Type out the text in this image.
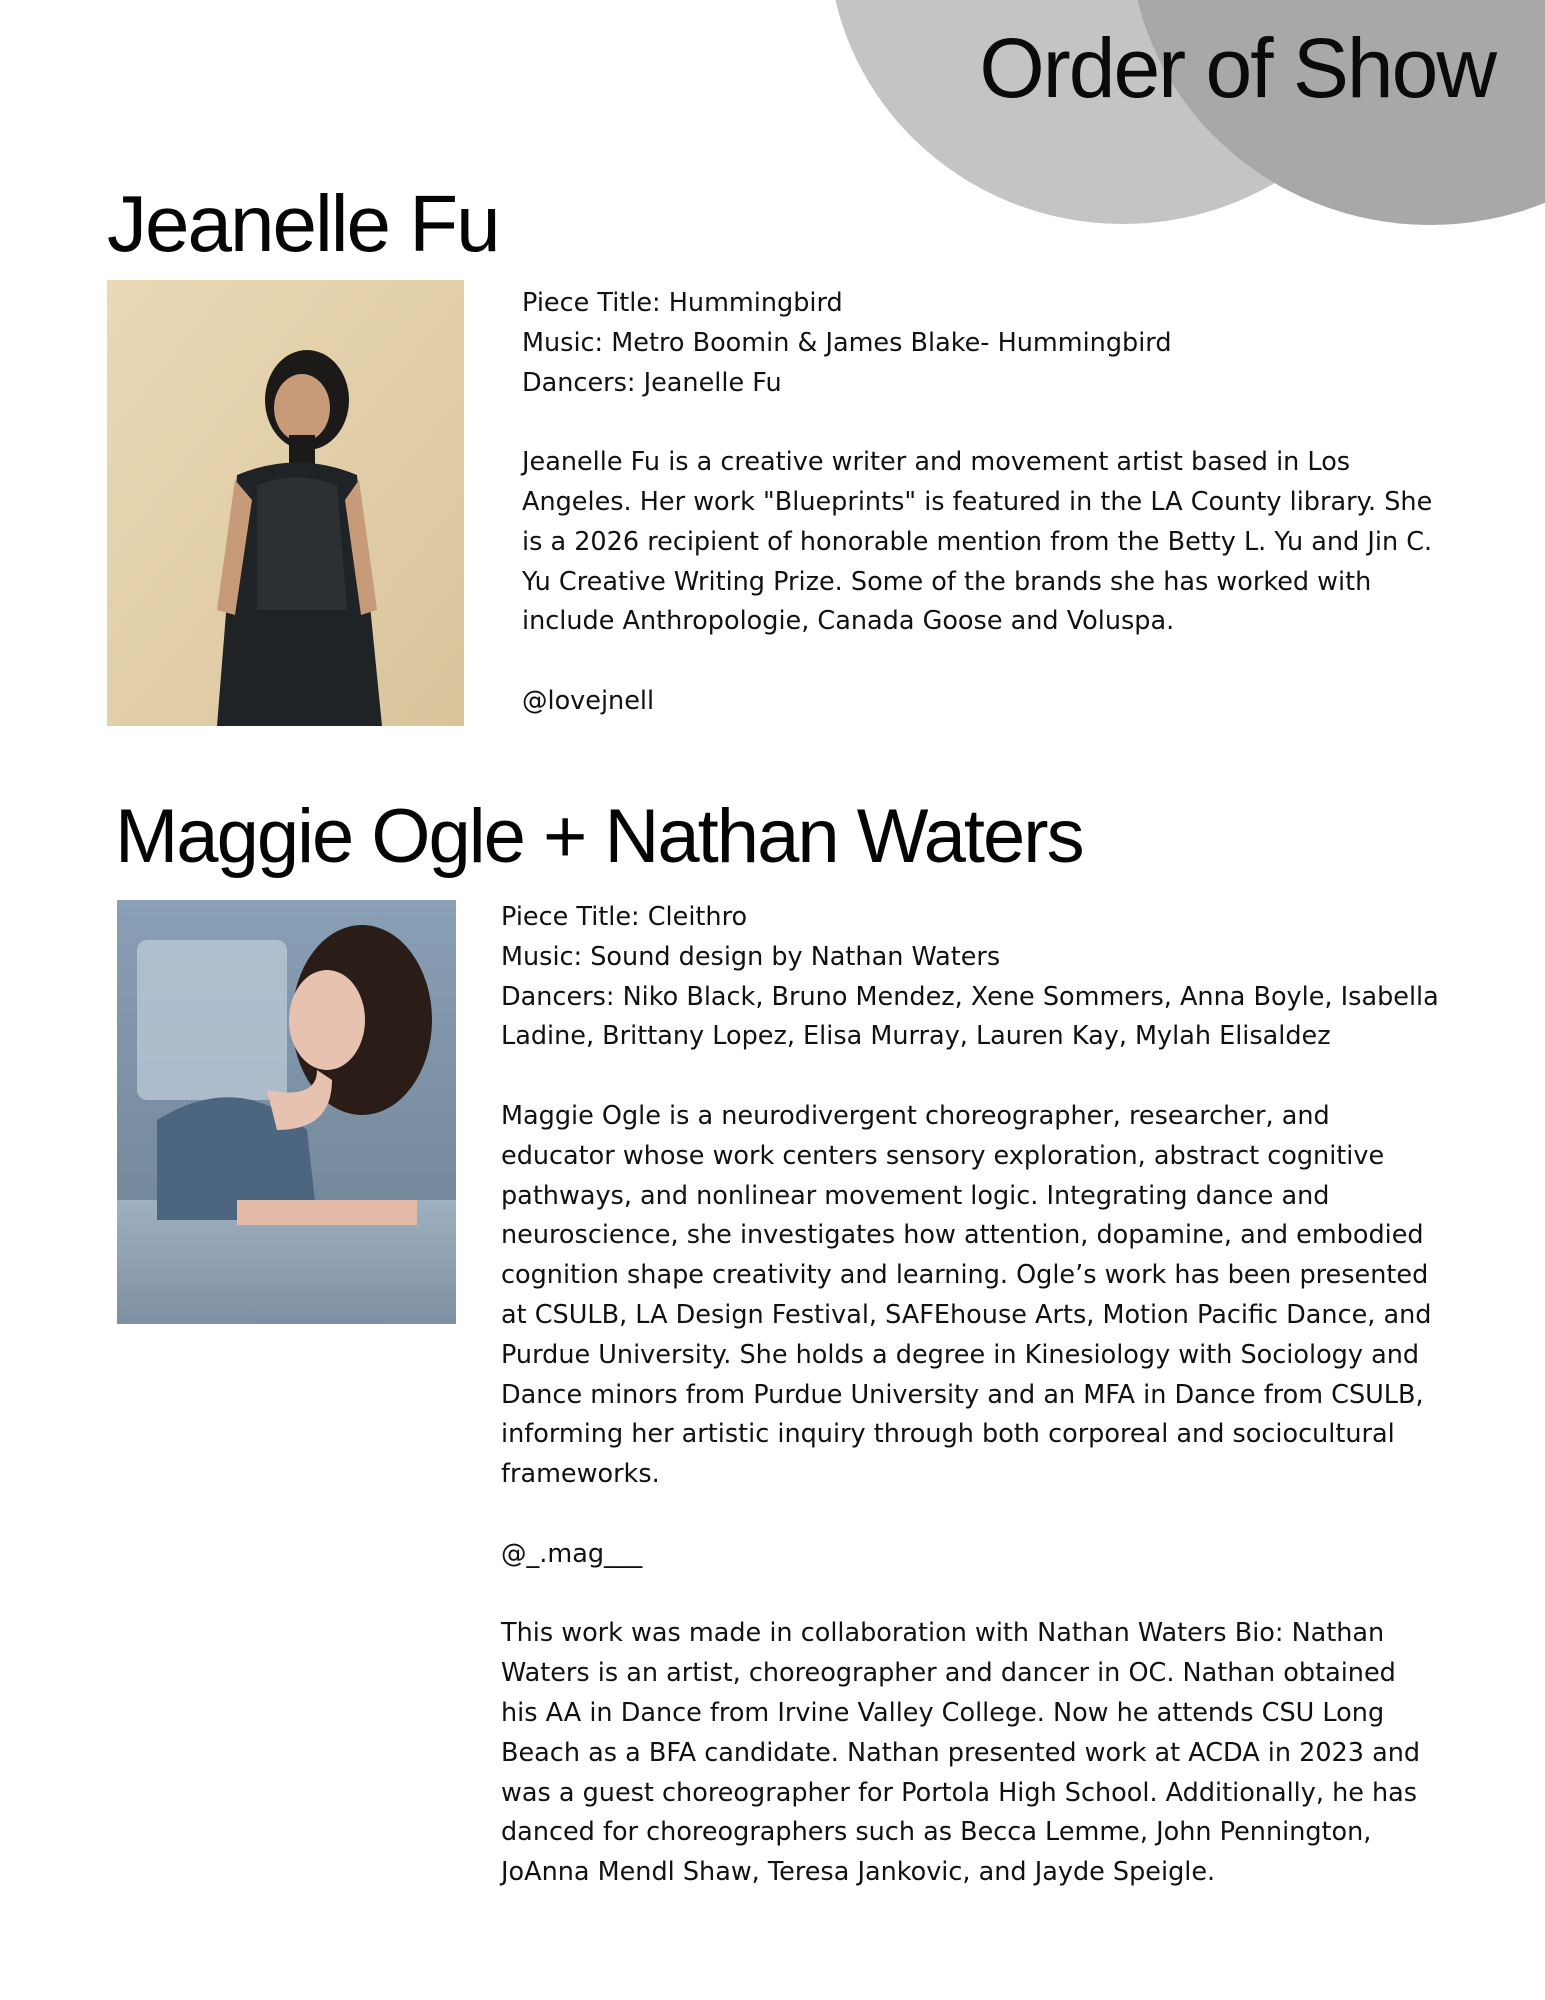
Order of Show
Jeanelle Fu

Piece Title: Hummingbird

Music: Metro Boomin & James Blake- Hummingbird

Dancers: Jeanelle Fu

Jeanelle Fu is a creative writer and movement artist based in Los

Angeles. Her work "Blueprints" is featured in the LA County library. She

is a 2026 recipient of honorable mention from the Betty L. Yu and Jin C.

Yu Creative Writing Prize. Some of the brands she has worked with

include Anthropologie, Canada Goose and Voluspa.

@lovejnell

Maggie Ogle + Nathan Waters

Piece Title: Cleithro

Music: Sound design by Nathan Waters

Dancers: Niko Black, Bruno Mendez, Xene Sommers, Anna Boyle, Isabella

Ladine, Brittany Lopez, Elisa Murray, Lauren Kay, Mylah Elisaldez

Maggie Ogle is a neurodivergent choreographer, researcher, and

educator whose work centers sensory exploration, abstract cognitive

pathways, and nonlinear movement logic. Integrating dance and

neuroscience, she investigates how attention, dopamine, and embodied

cognition shape creativity and learning. Ogle’s work has been presented

at CSULB, LA Design Festival, SAFEhouse Arts, Motion Pacific Dance, and

Purdue University. She holds a degree in Kinesiology with Sociology and

Dance minors from Purdue University and an MFA in Dance from CSULB,

informing her artistic inquiry through both corporeal and sociocultural

frameworks.

@_.mag___

This work was made in collaboration with Nathan Waters Bio: Nathan

Waters is an artist, choreographer and dancer in OC. Nathan obtained

his AA in Dance from Irvine Valley College. Now he attends CSU Long

Beach as a BFA candidate. Nathan presented work at ACDA in 2023 and

was a guest choreographer for Portola High School. Additionally, he has

danced for choreographers such as Becca Lemme, John Pennington,

JoAnna Mendl Shaw, Teresa Jankovic, and Jayde Speigle.
